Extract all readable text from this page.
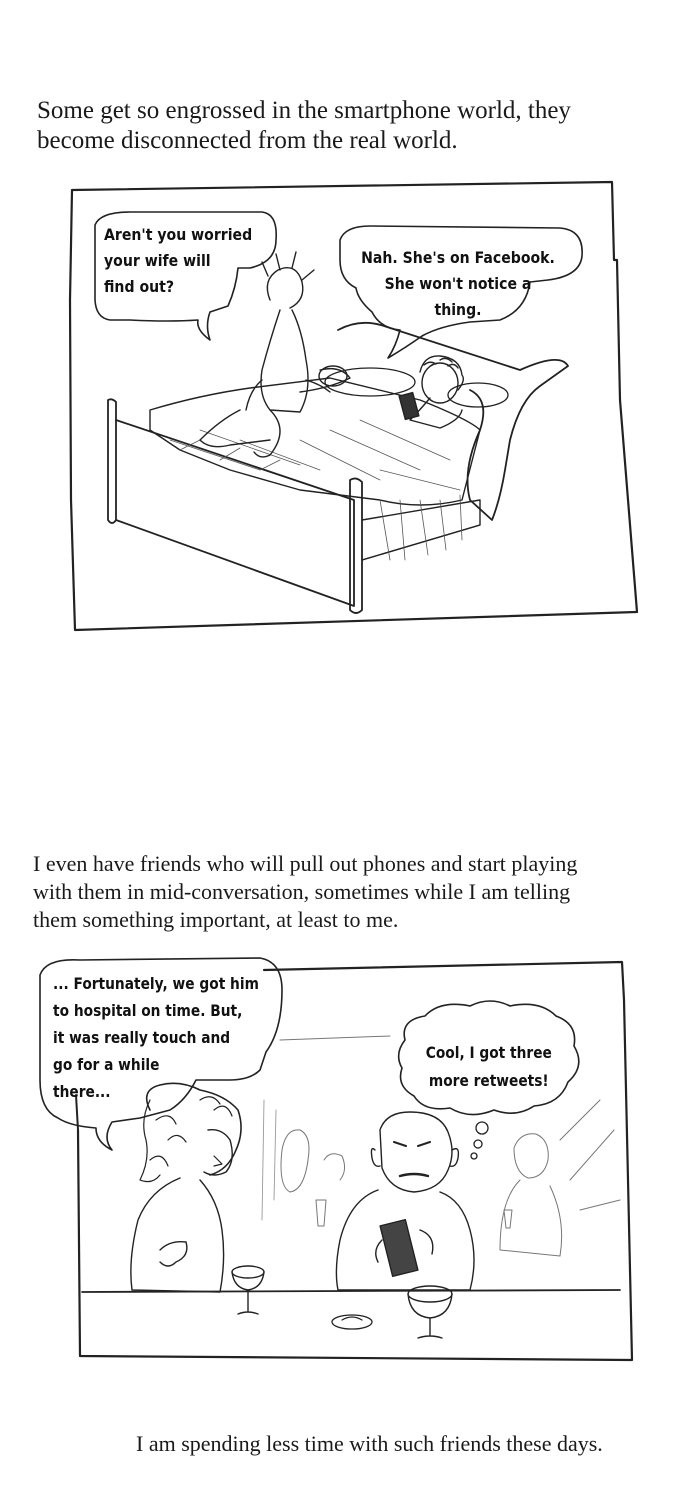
Some get so engrossed in the smartphone world, they
become disconnected from the real world.
Aren't you worried
your wife will
find out?
Nah. She's on Facebook.
She won't notice a
thing.
I even have friends who will pull out phones and start playing
with them in mid-conversation, sometimes while I am telling
them something important, at least to me.
... Fortunately, we got him
to hospital on time. But,
it was really touch and
go for a while
there...
Cool, I got three
more retweets!
I am spending less time with such friends these days.
